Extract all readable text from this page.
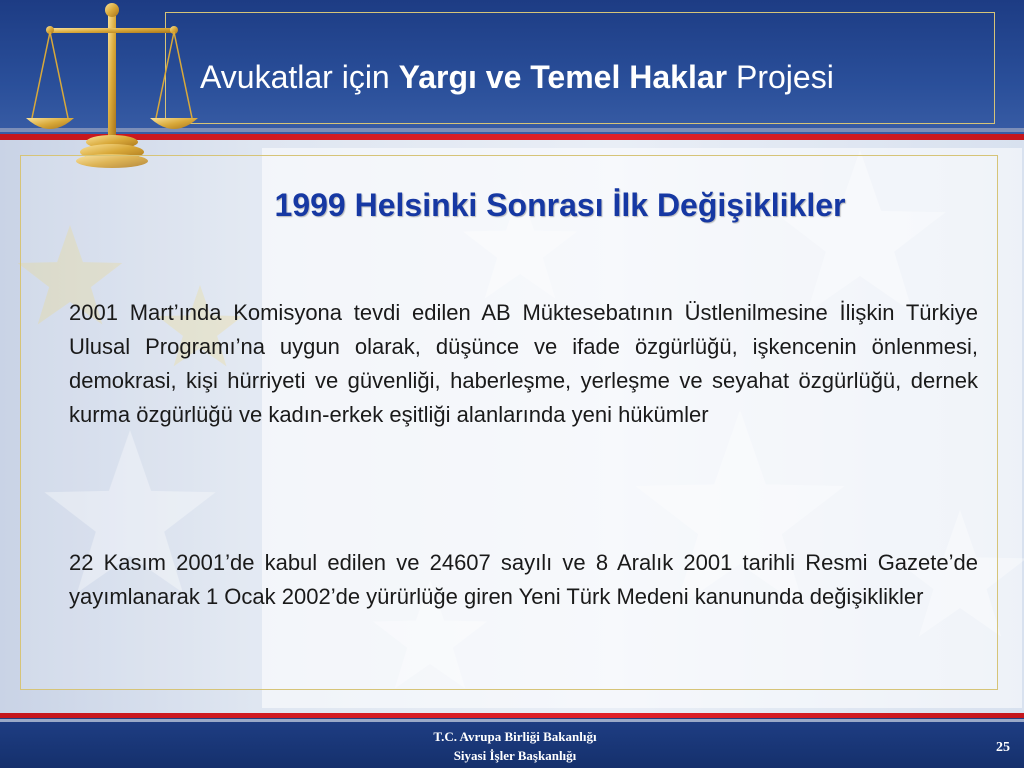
Avukatlar için Yargı ve Temel Haklar Projesi
1999 Helsinki Sonrası İlk Değişiklikler

2001 Mart’ında Komisyona tevdi edilen AB Müktesebatının Üstlenilmesine İlişkin Türkiye Ulusal Programı’na uygun olarak, düşünce ve ifade özgürlüğü, işkencenin önlenmesi, demokrasi, kişi hürriyeti ve güvenliği, haberleşme, yerleşme ve seyahat özgürlüğü, dernek kurma özgürlüğü ve kadın-erkek eşitliği alanlarında yeni hükümler

22 Kasım 2001’de kabul edilen ve 24607 sayılı ve 8 Aralık 2001 tarihli Resmi Gazete’de yayımlanarak 1 Ocak 2002’de yürürlüğe giren Yeni Türk Medeni kanununda değişiklikler

T.C. Avrupa Birliği Bakanlığı
Siyasi İşler Başkanlığı
25
